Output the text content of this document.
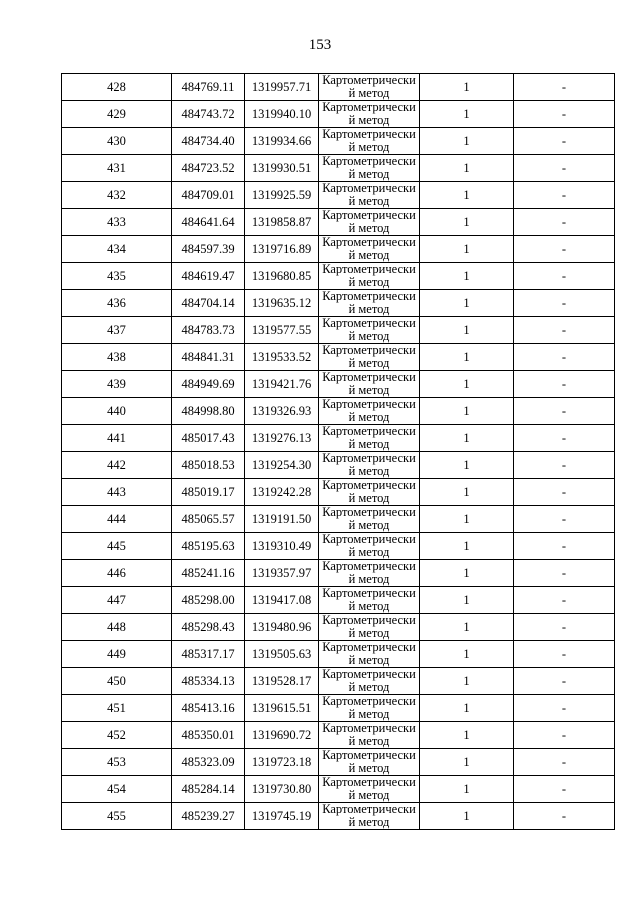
153
428	484769.11	1319957.71	Картометрический метод	1	-
429	484743.72	1319940.10	Картометрический метод	1	-
430	484734.40	1319934.66	Картометрический метод	1	-
431	484723.52	1319930.51	Картометрический метод	1	-
432	484709.01	1319925.59	Картометрический метод	1	-
433	484641.64	1319858.87	Картометрический метод	1	-
434	484597.39	1319716.89	Картометрический метод	1	-
435	484619.47	1319680.85	Картометрический метод	1	-
436	484704.14	1319635.12	Картометрический метод	1	-
437	484783.73	1319577.55	Картометрический метод	1	-
438	484841.31	1319533.52	Картометрический метод	1	-
439	484949.69	1319421.76	Картометрический метод	1	-
440	484998.80	1319326.93	Картометрический метод	1	-
441	485017.43	1319276.13	Картометрический метод	1	-
442	485018.53	1319254.30	Картометрический метод	1	-
443	485019.17	1319242.28	Картометрический метод	1	-
444	485065.57	1319191.50	Картометрический метод	1	-
445	485195.63	1319310.49	Картометрический метод	1	-
446	485241.16	1319357.97	Картометрический метод	1	-
447	485298.00	1319417.08	Картометрический метод	1	-
448	485298.43	1319480.96	Картометрический метод	1	-
449	485317.17	1319505.63	Картометрический метод	1	-
450	485334.13	1319528.17	Картометрический метод	1	-
451	485413.16	1319615.51	Картометрический метод	1	-
452	485350.01	1319690.72	Картометрический метод	1	-
453	485323.09	1319723.18	Картометрический метод	1	-
454	485284.14	1319730.80	Картометрический метод	1	-
455	485239.27	1319745.19	Картометрический метод	1	-
